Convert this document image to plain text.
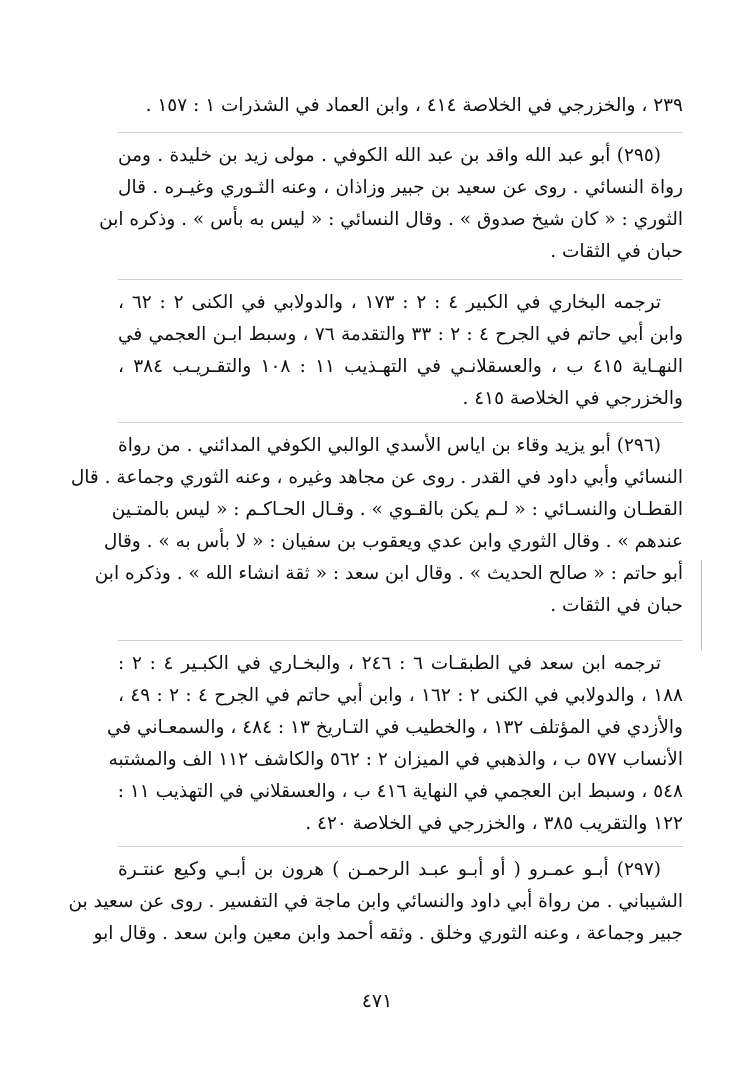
٢٣٩ ، والخزرجي في الخلاصة ٤١٤ ، وابن العماد في الشذرات ١ : ١٥٧ .
(٢٩٥) أبو عبد الله واقد بن عبد الله الكوفي . مولى زيد بن خليدة . ومن
رواة النسائي . روى عن سعيد بن جبير وزاذان ، وعنه الثـوري وغيـره . قال
الثوري : « كان شيخ صدوق » . وقال النسائي : « ليس به بأس » . وذكره ابن
حبان في الثقات .
ترجمه البخاري في الكبير ٤ : ٢ : ١٧٣ ، والدولابي في الكنى ٢ : ٦٢ ،
وابن أبي حاتم في الجرح ٤ : ٢ : ٣٣ والتقدمة ٧٦ ، وسبط ابـن العجمي في
النهـاية ٤١٥ ب ، والعسقلانـي في التهـذيب ١١ : ١٠٨ والتقـريـب ٣٨٤ ،
والخزرجي في الخلاصة ٤١٥ .
(٢٩٦) أبو يزيد وقاء بن اياس الأسدي الوالبي الكوفي المدائني . من رواة
النسائي وأبي داود في القدر . روى عن مجاهد وغيره ، وعنه الثوري وجماعة . قال
القطـان والنسـائي : « لـم يكن بالقـوي » . وقـال الحـاكـم : « ليس بالمتـين
عندهم » . وقال الثوري وابن عدي ويعقوب بن سفيان : « لا بأس به » . وقال
أبو حاتم : « صالح الحديث » . وقال ابن سعد : « ثقة انشاء الله » . وذكره ابن
حبان في الثقات .
ترجمه ابن سعد في الطبقـات ٦ : ٢٤٦ ، والبخـاري في الكبـير ٤ : ٢ :
١٨٨ ، والدولابي في الكنى ٢ : ١٦٢ ، وابن أبي حاتم في الجرح ٤ : ٢ : ٤٩ ،
والأزدي في المؤتلف ١٣٢ ، والخطيب في التـاريخ ١٣ : ٤٨٤ ، والسمعـاني في
الأنساب ٥٧٧ ب ، والذهبي في الميزان ٢ : ٥٦٢ والكاشف ١١٢ الف والمشتبه
٥٤٨ ، وسبط ابن العجمي في النهاية ٤١٦ ب ، والعسقلاني في التهذيب ١١ :
١٢٢ والتقريب ٣٨٥ ، والخزرجي في الخلاصة ٤٢٠ .
(٢٩٧) أبـو عمـرو ( أو أبـو عبـد الرحمـن ) هرون بن أبـي وكيع عنتـرة
الشيباني . من رواة أبي داود والنسائي وابن ماجة في التفسير . روى عن سعيد بن
جبير وجماعة ، وعنه الثوري وخلق . وثقه أحمد وابن معين وابن سعد . وقال ابو
٤٧١
